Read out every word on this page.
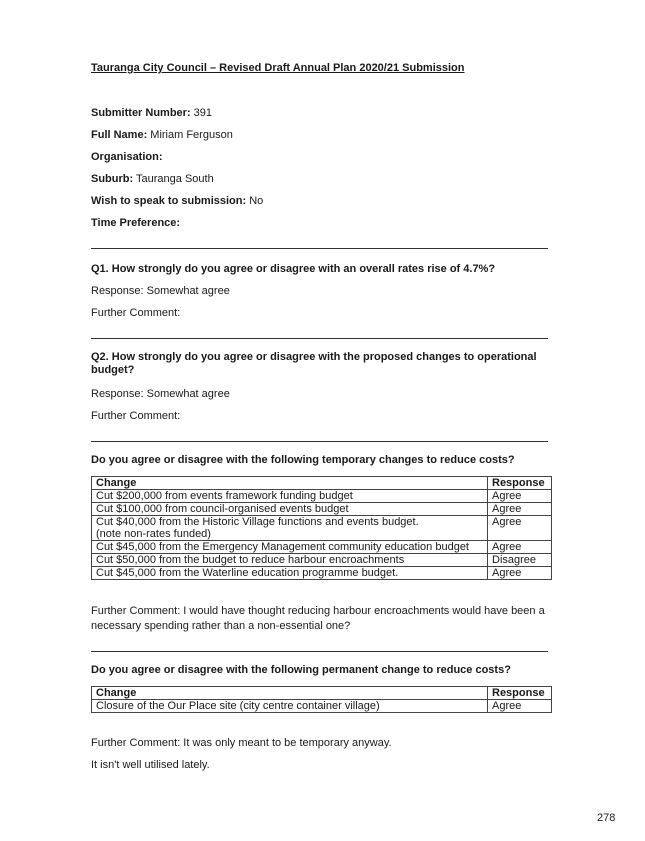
Tauranga City Council – Revised Draft Annual Plan 2020/21 Submission
Submitter Number: 391
Full Name: Miriam Ferguson
Organisation:
Suburb: Tauranga South
Wish to speak to submission: No
Time Preference:
Q1. How strongly do you agree or disagree with an overall rates rise of 4.7%?
Response: Somewhat agree
Further Comment:
Q2. How strongly do you agree or disagree with the proposed changes to operational budget?
Response: Somewhat agree
Further Comment:
Do you agree or disagree with the following temporary changes to reduce costs?
Change	Response
Cut $200,000 from events framework funding budget	Agree
Cut $100,000 from council-organised events budget	Agree
Cut $40,000 from the Historic Village functions and events budget.
(note non-rates funded)	Agree
Cut $45,000 from the Emergency Management community education budget	Agree
Cut $50,000 from the budget to reduce harbour encroachments	Disagree
Cut $45,000 from the Waterline education programme budget.	Agree
Further Comment: I would have thought reducing harbour encroachments would have been a necessary spending rather than a non-essential one?
Do you agree or disagree with the following permanent change to reduce costs?
Change	Response
Closure of the Our Place site (city centre container village)	Agree
Further Comment: It was only meant to be temporary anyway.
It isn't well utilised lately.
278
